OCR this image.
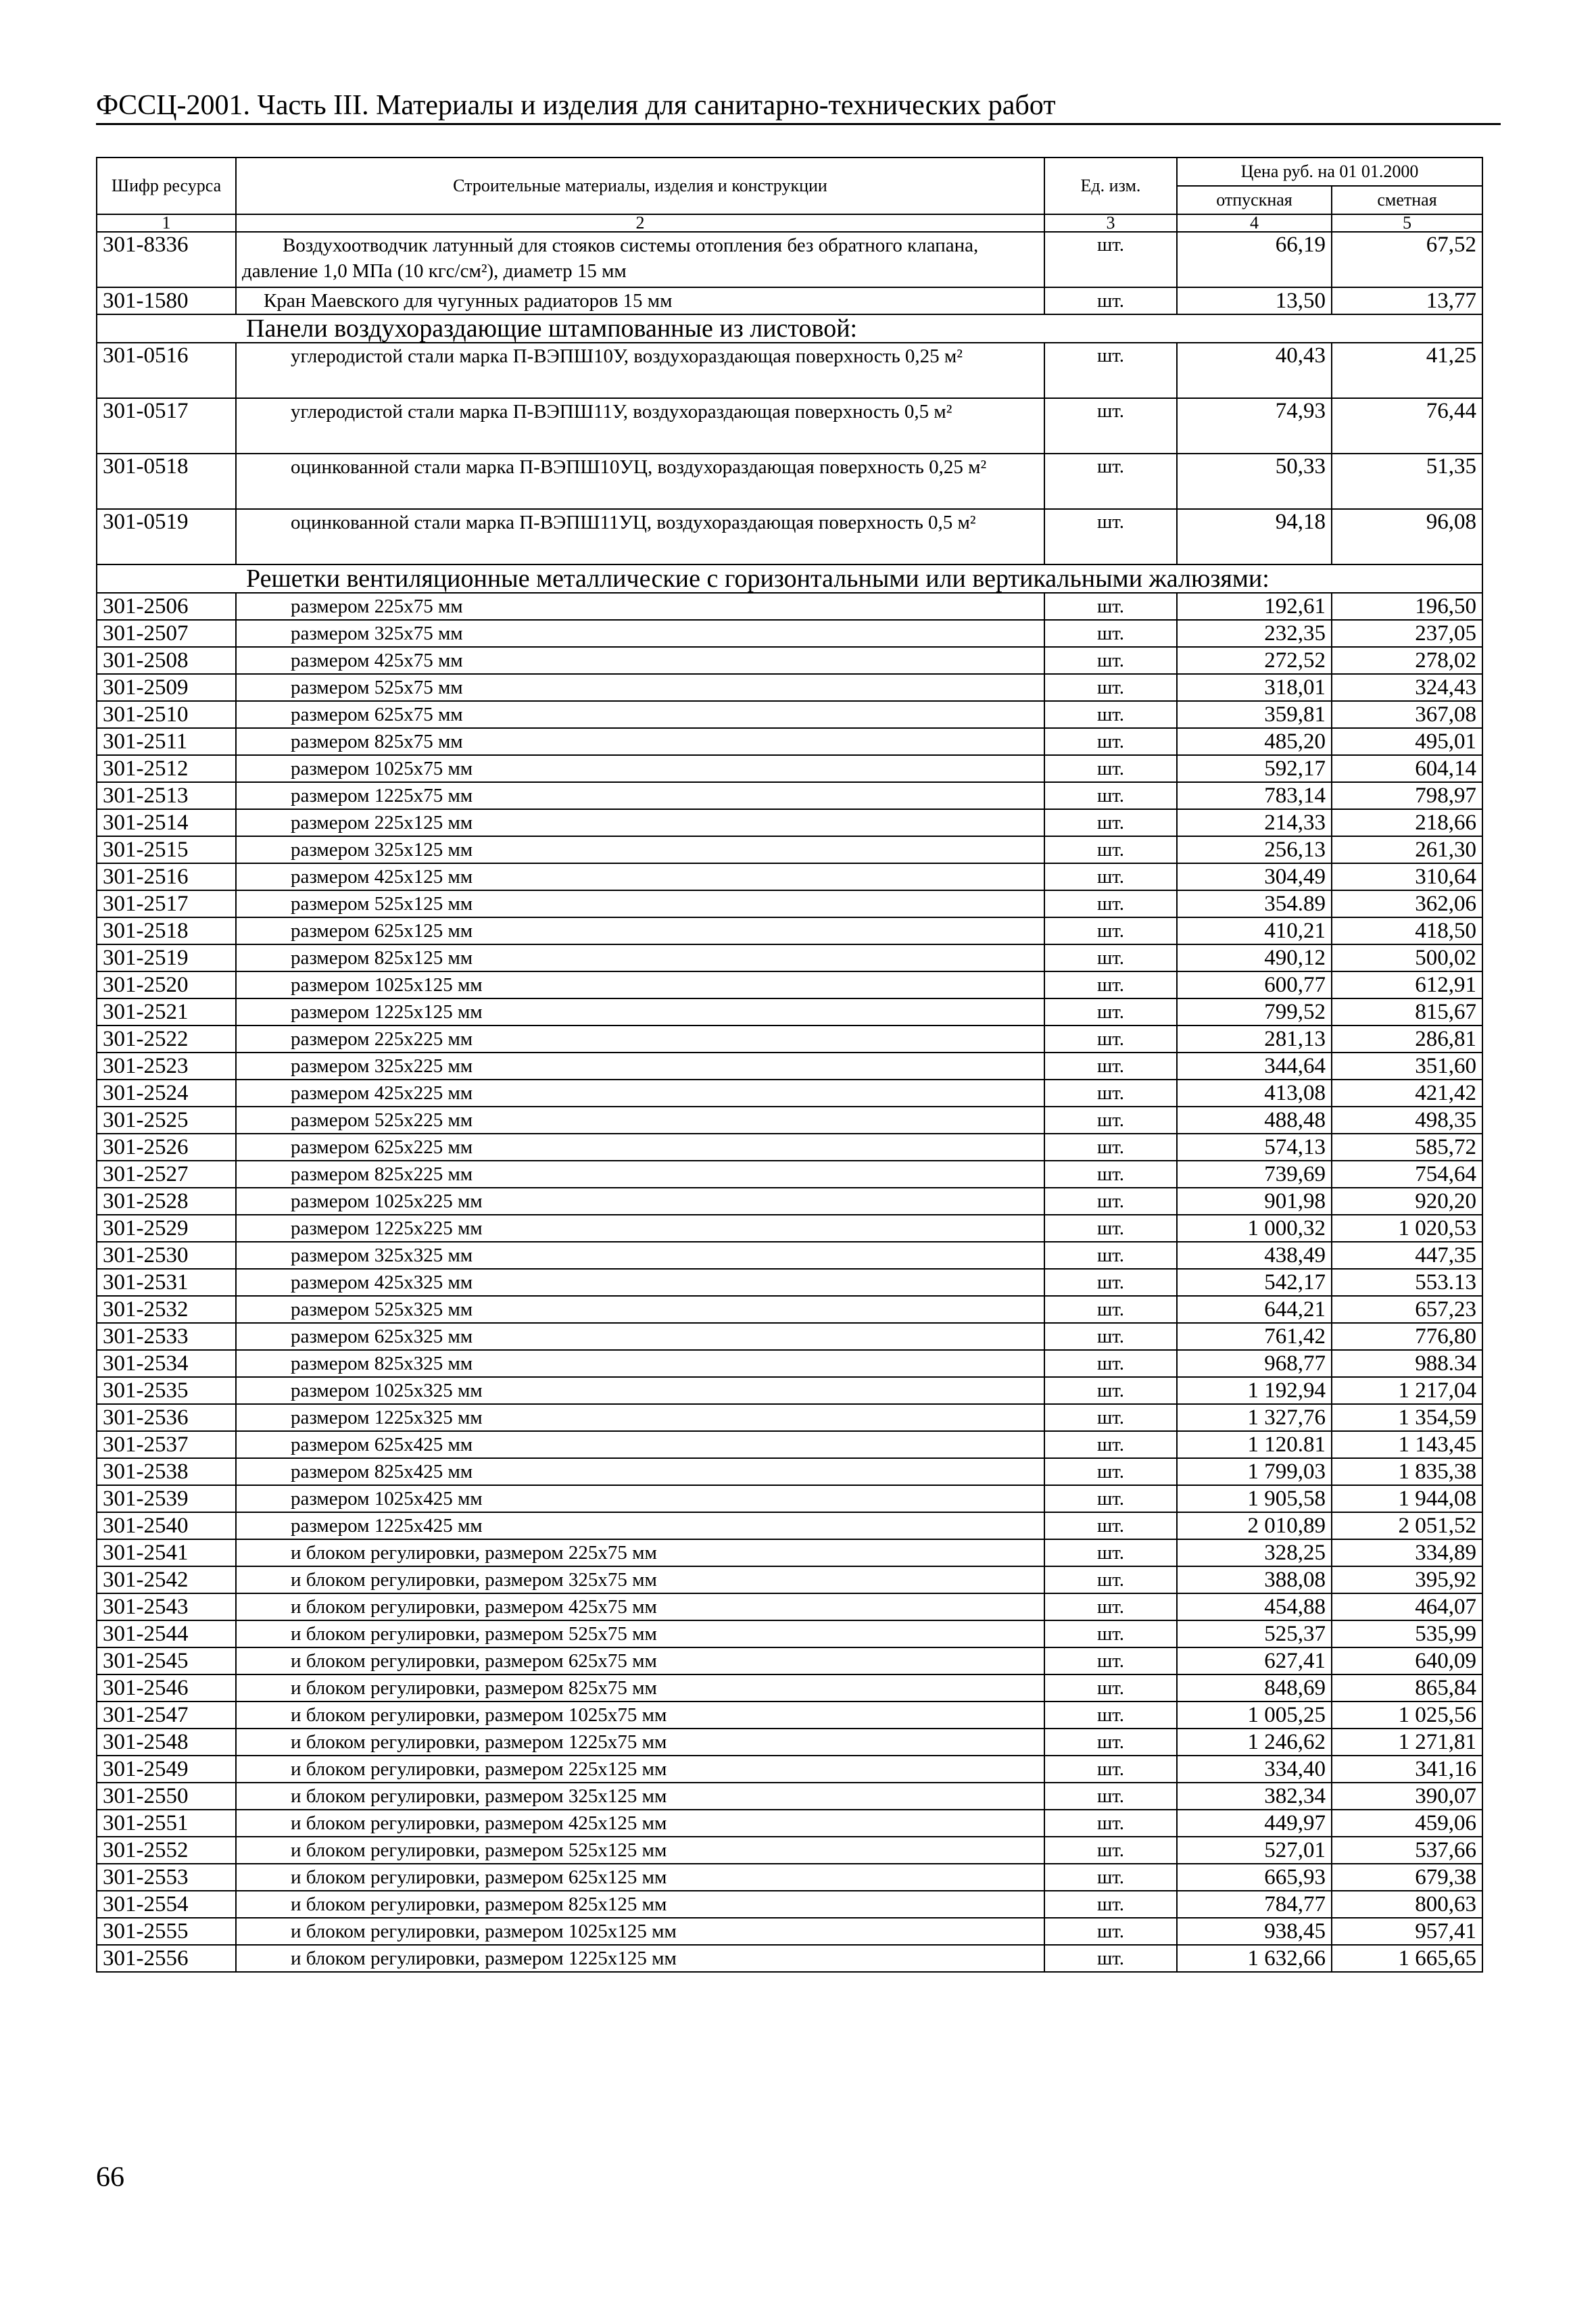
ФССЦ-2001. Часть III. Материалы и изделия для санитарно-технических работ
Шифр ресурса	Строительные материалы, изделия и конструкции	Ед. изм.	Цена руб. на 01 01.2000	
			отпускная	сметная
1	2	3	4	5
301-8336	Воздухоотводчик латунный для стояков системы отопления без обратного клапана, давление 1,0 МПа (10 кгс/см²), диаметр 15 мм	шт.	66,19	67,52
301-1580	Кран Маевского для чугунных радиаторов 15 мм	шт.	13,50	13,77
Панели воздухораздающие штампованные из листовой:				
301-0516	углеродистой стали марка П-ВЭПШ10У, воздухораздающая поверхность 0,25 м²	шт.	40,43	41,25
301-0517	углеродистой стали марка П-ВЭПШ11У, воздухораздающая поверхность 0,5 м²	шт.	74,93	76,44
301-0518	оцинкованной стали марка П-ВЭПШ10УЦ, воздухораздающая поверхность 0,25 м²	шт.	50,33	51,35
301-0519	оцинкованной стали марка П-ВЭПШ11УЦ, воздухораздающая поверхность 0,5 м²	шт.	94,18	96,08
Решетки вентиляционные металлические с горизонтальными или вертикальными жалюзями:				
301-2506	размером 225x75 мм	шт.	192,61	196,50
301-2507	размером 325x75 мм	шт.	232,35	237,05
301-2508	размером 425x75 мм	шт.	272,52	278,02
301-2509	размером 525x75 мм	шт.	318,01	324,43
301-2510	размером 625x75 мм	шт.	359,81	367,08
301-2511	размером 825x75 мм	шт.	485,20	495,01
301-2512	размером 1025x75 мм	шт.	592,17	604,14
301-2513	размером 1225x75 мм	шт.	783,14	798,97
301-2514	размером 225x125 мм	шт.	214,33	218,66
301-2515	размером 325x125 мм	шт.	256,13	261,30
301-2516	размером 425x125 мм	шт.	304,49	310,64
301-2517	размером 525x125 мм	шт.	354.89	362,06
301-2518	размером 625x125 мм	шт.	410,21	418,50
301-2519	размером 825x125 мм	шт.	490,12	500,02
301-2520	размером 1025x125 мм	шт.	600,77	612,91
301-2521	размером 1225x125 мм	шт.	799,52	815,67
301-2522	размером 225x225 мм	шт.	281,13	286,81
301-2523	размером 325x225 мм	шт.	344,64	351,60
301-2524	размером 425x225 мм	шт.	413,08	421,42
301-2525	размером 525x225 мм	шт.	488,48	498,35
301-2526	размером 625x225 мм	шт.	574,13	585,72
301-2527	размером 825x225 мм	шт.	739,69	754,64
301-2528	размером 1025x225 мм	шт.	901,98	920,20
301-2529	размером 1225x225 мм	шт.	1 000,32	1 020,53
301-2530	размером 325x325 мм	шт.	438,49	447,35
301-2531	размером 425x325 мм	шт.	542,17	553.13
301-2532	размером 525x325 мм	шт.	644,21	657,23
301-2533	размером 625x325 мм	шт.	761,42	776,80
301-2534	размером 825x325 мм	шт.	968,77	988.34
301-2535	размером 1025x325 мм	шт.	1 192,94	1 217,04
301-2536	размером 1225x325 мм	шт.	1 327,76	1 354,59
301-2537	размером 625x425 мм	шт.	1 120.81	1 143,45
301-2538	размером 825x425 мм	шт.	1 799,03	1 835,38
301-2539	размером 1025x425 мм	шт.	1 905,58	1 944,08
301-2540	размером 1225x425 мм	шт.	2 010,89	2 051,52
301-2541	и блоком регулировки, размером 225x75 мм	шт.	328,25	334,89
301-2542	и блоком регулировки, размером 325x75 мм	шт.	388,08	395,92
301-2543	и блоком регулировки, размером 425x75 мм	шт.	454,88	464,07
301-2544	и блоком регулировки, размером 525x75 мм	шт.	525,37	535,99
301-2545	и блоком регулировки, размером 625x75 мм	шт.	627,41	640,09
301-2546	и блоком регулировки, размером 825x75 мм	шт.	848,69	865,84
301-2547	и блоком регулировки, размером 1025x75 мм	шт.	1 005,25	1 025,56
301-2548	и блоком регулировки, размером 1225x75 мм	шт.	1 246,62	1 271,81
301-2549	и блоком регулировки, размером 225x125 мм	шт.	334,40	341,16
301-2550	и блоком регулировки, размером 325x125 мм	шт.	382,34	390,07
301-2551	и блоком регулировки, размером 425x125 мм	шт.	449,97	459,06
301-2552	и блоком регулировки, размером 525x125 мм	шт.	527,01	537,66
301-2553	и блоком регулировки, размером 625x125 мм	шт.	665,93	679,38
301-2554	и блоком регулировки, размером 825x125 мм	шт.	784,77	800,63
301-2555	и блоком регулировки, размером 1025x125 мм	шт.	938,45	957,41
301-2556	и блоком регулировки, размером 1225x125 мм	шт.	1 632,66	1 665,65
66
